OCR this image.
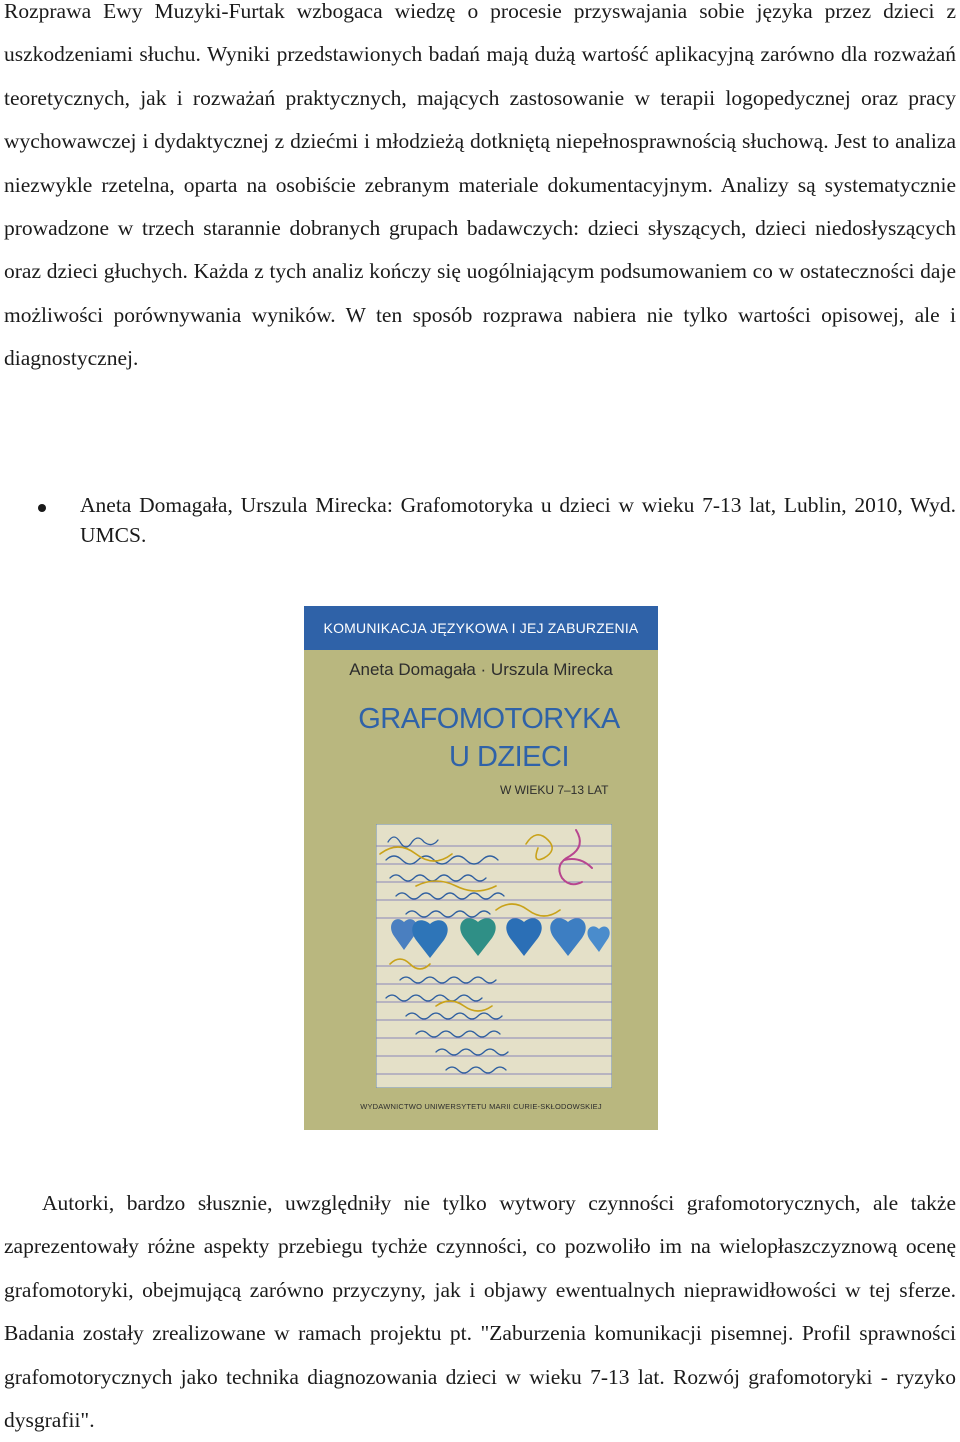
Rozprawa Ewy Muzyki-Furtak wzbogaca wiedzę o procesie przyswajania sobie języka przez dzieci z uszkodzeniami słuchu. Wyniki przedstawionych badań mają dużą wartość aplikacyjną zarówno dla rozważań teoretycznych, jak i rozważań praktycznych, mających zastosowanie w terapii logopedycznej oraz pracy wychowawczej i dydaktycznej z dziećmi i młodzieżą dotkniętą niepełnosprawnością słuchową. Jest to analiza niezwykle rzetelna, oparta na osobiście zebranym materiale dokumentacyjnym. Analizy są systematycznie prowadzone w trzech starannie dobranych grupach badawczych: dzieci słyszących, dzieci niedosłyszących oraz dzieci głuchych. Każda z tych analiz kończy się uogólniającym podsumowaniem co w ostateczności daje możliwości porównywania wyników. W ten sposób rozprawa nabiera nie tylko wartości opisowej, ale i diagnostycznej.

Aneta Domagała, Urszula Mirecka: Grafomotoryka u dzieci w wieku 7-13 lat, Lublin, 2010, Wyd. UMCS.
KOMUNIKACJA JĘZYKOWA I JEJ ZABURZENIA
Aneta Domagała · Urszula Mirecka
GRAFOMOTORYKA
U DZIECI
W WIEKU 7–13 LAT
WYDAWNICTWO UNIWERSYTETU MARII CURIE-SKŁODOWSKIEJ

Autorki, bardzo słusznie, uwzględniły nie tylko wytwory czynności grafomotorycznych, ale także zaprezentowały różne aspekty przebiegu tychże czynności, co pozwoliło im na wielopłaszczyznową ocenę grafomotoryki, obejmującą zarówno przyczyny, jak i objawy ewentualnych nieprawidłowości w tej sferze. Badania zostały zrealizowane w ramach projektu pt. "Zaburzenia komunikacji pisemnej. Profil sprawności grafomotorycznych jako technika diagnozowania dzieci w wieku 7-13 lat. Rozwój grafomotoryki - ryzyko dysgrafii".
